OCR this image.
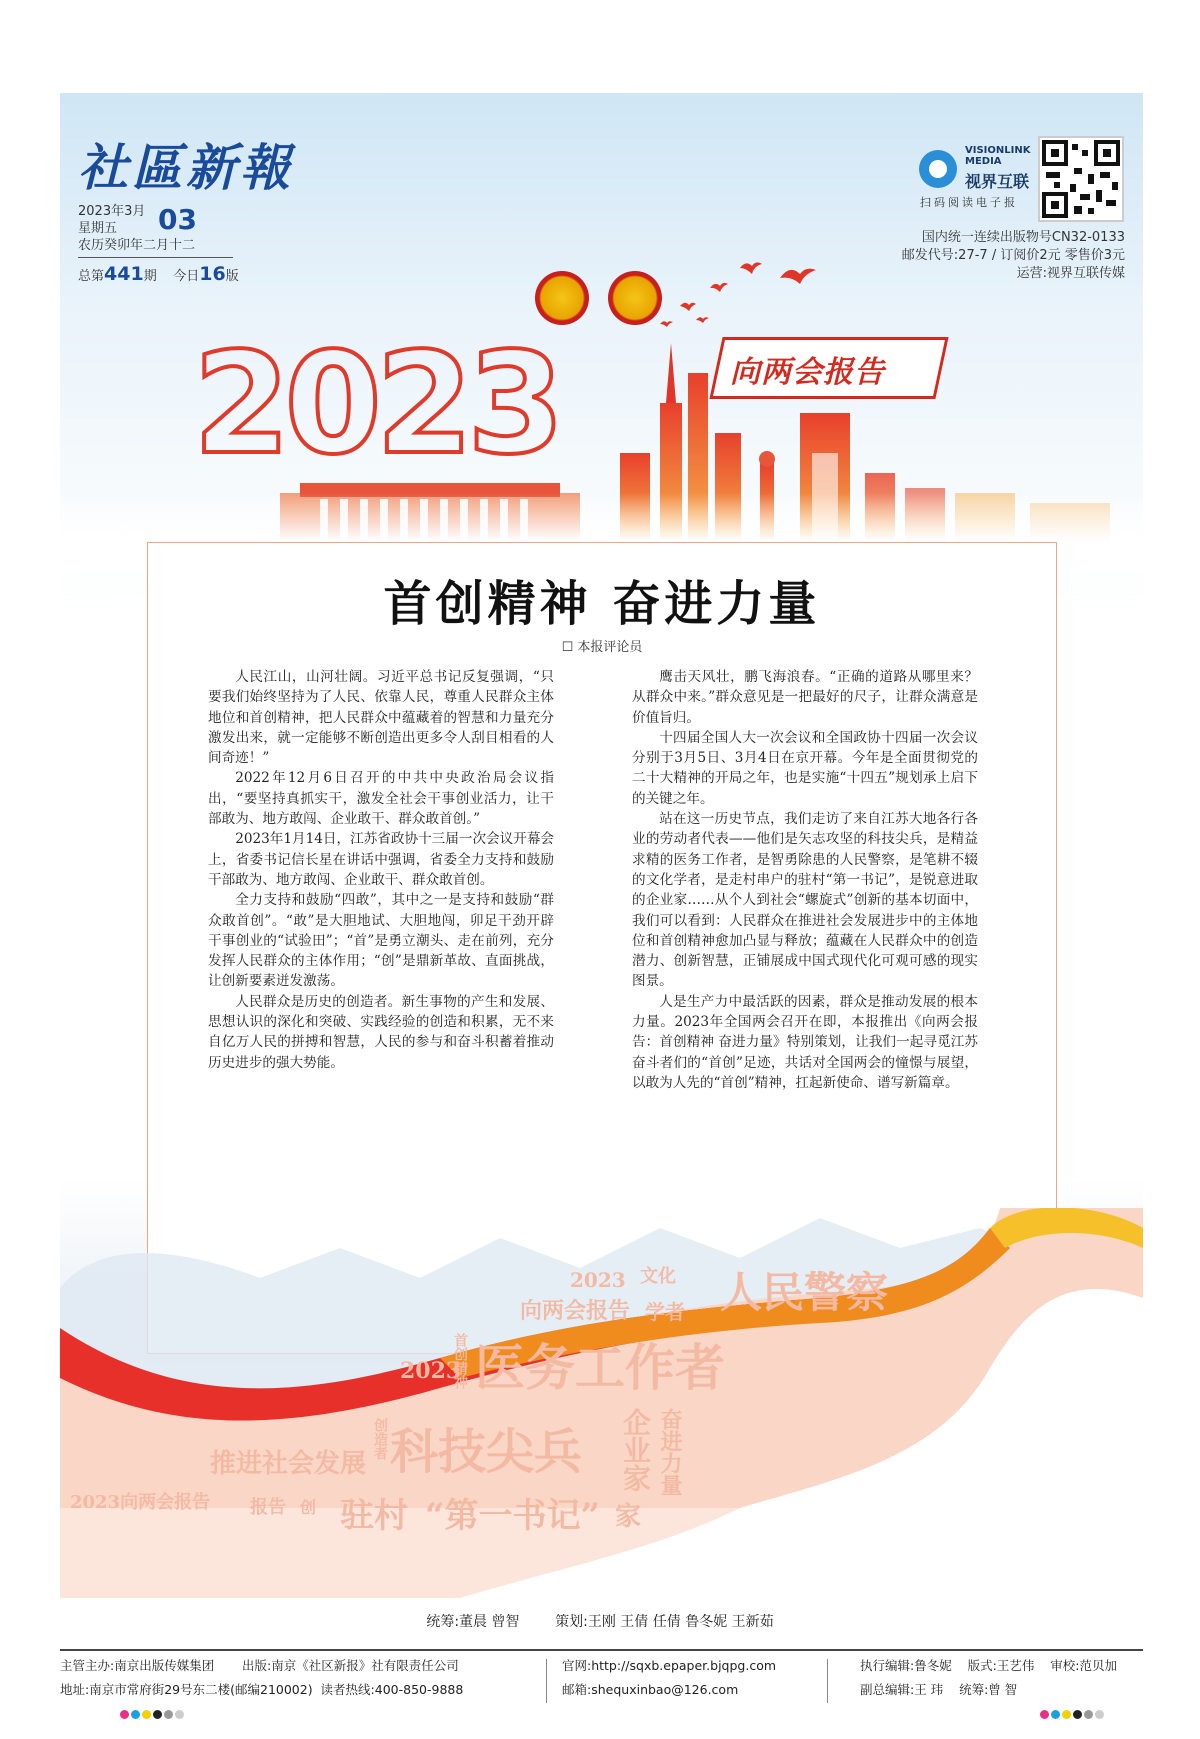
社區新報
2023年3月
星期五
农历癸卯年二月十二
03
总第441期 今日16版
VISIONLINK
MEDIA
视界互联
扫码阅读电子报
国内统一连续出版物号CN32-0133
邮发代号:27-7 / 订阅价2元 零售价3元
运营:视界互联传媒
2023	向两会报告
首创精神 奋进力量
☐ 本报评论员

人民江山，山河壮阔。习近平总书记反复强调，“只要我们始终坚持为了人民、依靠人民，尊重人民群众主体地位和首创精神，把人民群众中蕴藏着的智慧和力量充分激发出来，就一定能够不断创造出更多令人刮目相看的人间奇迹！”

2022年12月6日召开的中共中央政治局会议指出，“要坚持真抓实干，激发全社会干事创业活力，让干部敢为、地方敢闯、企业敢干、群众敢首创。”

2023年1月14日，江苏省政协十三届一次会议开幕会上，省委书记信长星在讲话中强调，省委全力支持和鼓励干部敢为、地方敢闯、企业敢干、群众敢首创。

全力支持和鼓励“四敢”，其中之一是支持和鼓励“群众敢首创”。“敢”是大胆地试、大胆地闯，卯足干劲开辟干事创业的“试验田”；“首”是勇立潮头、走在前列，充分发挥人民群众的主体作用；“创”是鼎新革故、直面挑战，让创新要素迸发激荡。

人民群众是历史的创造者。新生事物的产生和发展、思想认识的深化和突破、实践经验的创造和积累，无不来自亿万人民的拼搏和智慧，人民的参与和奋斗积蓄着推动历史进步的强大势能。

鹰击天风壮，鹏飞海浪春。“正确的道路从哪里来？从群众中来。”群众意见是一把最好的尺子，让群众满意是价值旨归。

十四届全国人大一次会议和全国政协十四届一次会议分别于3月5日、3月4日在京开幕。今年是全面贯彻党的二十大精神的开局之年，也是实施“十四五”规划承上启下的关键之年。

站在这一历史节点，我们走访了来自江苏大地各行各业的劳动者代表——他们是矢志攻坚的科技尖兵，是精益求精的医务工作者，是智勇除患的人民警察，是笔耕不辍的文化学者，是走村串户的驻村“第一书记”，是锐意进取的企业家……从个人到社会“螺旋式”创新的基本切面中，我们可以看到：人民群众在推进社会发展进步中的主体地位和首创精神愈加凸显与释放；蕴藏在人民群众中的创造潜力、创新智慧，正铺展成中国式现代化可观可感的现实图景。

人是生产力中最活跃的因素，群众是推动发展的根本力量。2023年全国两会召开在即，本报推出《向两会报告：首创精神 奋进力量》特别策划，让我们一起寻觅江苏奋斗者们的“首创”足迹，共话对全国两会的憧憬与展望，以敢为人先的“首创”精神，扛起新使命、谱写新篇章。

2023 文化 人民警察
向两会报告 学者
医务工作者
首创精神
2023
科技尖兵 企业家 奋进力量
推进社会发展
创造者
驻村 “第一书记” 家
2023向两会报告 报告 创
统筹:董晨 曾智	策划:王刚 王倩 任倩 鲁冬妮 王新茹
主管主办:南京出版传媒集团 出版:南京《社区新报》社有限责任公司
地址:南京市常府街29号东二楼(邮编210002) 读者热线:400-850-9888
官网:http://sqxb.epaper.bjqpg.com
邮箱:shequxinbao@126.com
执行编辑:鲁冬妮 版式:王艺伟 审校:范贝加
副总编辑:王 玮 统筹:曾 智
